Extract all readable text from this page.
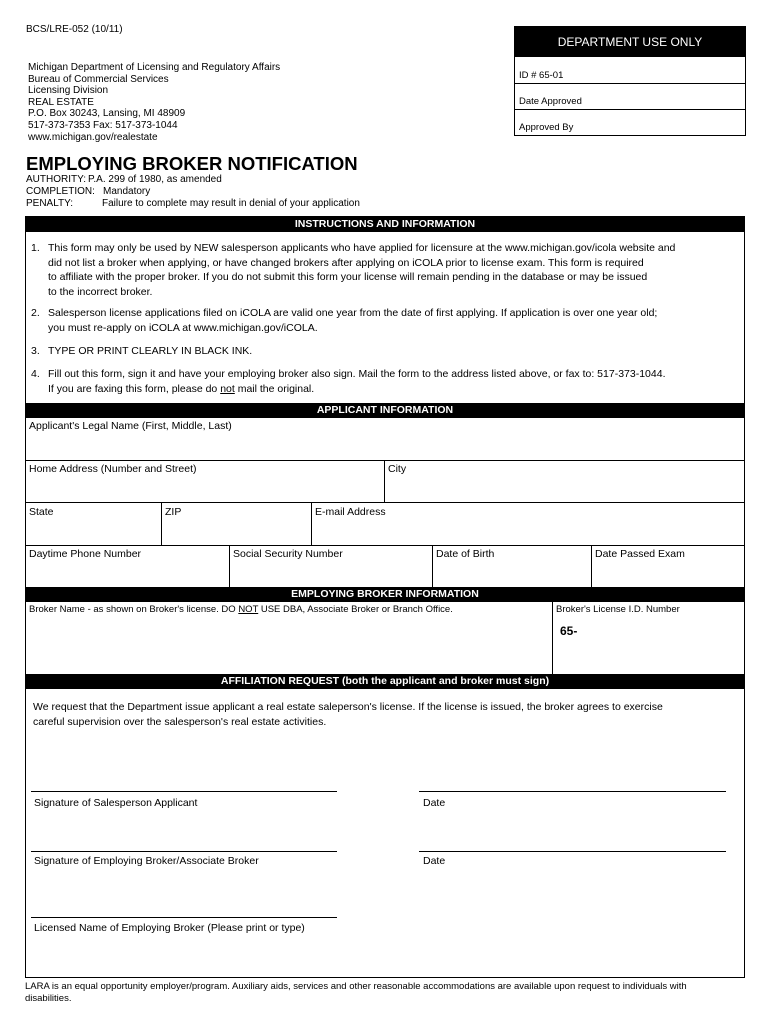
BCS/LRE-052 (10/11)
DEPARTMENT USE ONLY
ID # 65-01
Date Approved
Approved By
Michigan Department of Licensing and Regulatory Affairs
Bureau of Commercial Services
Licensing Division
REAL ESTATE
P.O. Box 30243, Lansing, MI 48909
517-373-7353 Fax: 517-373-1044
www.michigan.gov/realestate
EMPLOYING BROKER NOTIFICATION
AUTHORITY: P.A. 299 of 1980, as amended
COMPLETION: Mandatory
PENALTY:	Failure to complete may result in denial of your application
INSTRUCTIONS AND INFORMATION
1. This form may only be used by NEW salesperson applicants who have applied for licensure at the www.michigan.gov/icola website and
did not list a broker when applying, or have changed brokers after applying on iCOLA prior to license exam. This form is required
to affiliate with the proper broker. If you do not submit this form your license will remain pending in the database or may be issued
to the incorrect broker.
2. Salesperson license applications filed on iCOLA are valid one year from the date of first applying. If application is over one year old;
you must re-apply on iCOLA at www.michigan.gov/iCOLA.
3. TYPE OR PRINT CLEARLY IN BLACK INK.
4. Fill out this form, sign it and have your employing broker also sign. Mail the form to the address listed above, or fax to: 517-373-1044.
If you are faxing this form, please do not mail the original.
APPLICANT INFORMATION
Applicant's Legal Name (First, Middle, Last)
Home Address (Number and Street)	City
State	ZIP	E-mail Address
Daytime Phone Number	Social Security Number	Date of Birth	Date Passed Exam
EMPLOYING BROKER INFORMATION
Broker Name - as shown on Broker's license. DO NOT USE DBA, Associate Broker or Branch Office.	Broker's License I.D. Number
65-
AFFILIATION REQUEST (both the applicant and broker must sign)
We request that the Department issue applicant a real estate saleperson's license. If the license is issued, the broker agrees to exercise
careful supervision over the salesperson's real estate activities.
Signature of Salesperson Applicant	Date
Signature of Employing Broker/Associate Broker	Date
Licensed Name of Employing Broker (Please print or type)
LARA is an equal opportunity employer/program. Auxiliary aids, services and other reasonable accommodations are available upon request to individuals with
disabilities.
